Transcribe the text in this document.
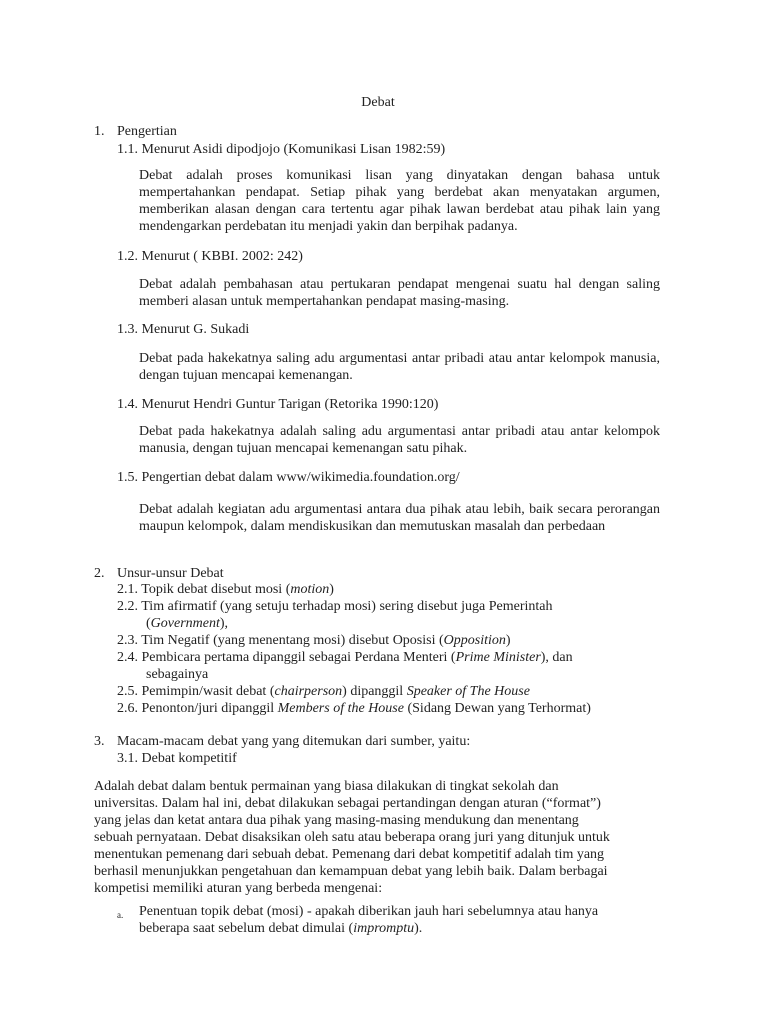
Debat
1. Pengertian
1.1. Menurut Asidi dipodjojo (Komunikasi Lisan 1982:59)
Debat adalah proses komunikasi lisan yang dinyatakan dengan bahasa untuk mempertahankan pendapat. Setiap pihak yang berdebat akan menyatakan argumen, memberikan alasan dengan cara tertentu agar pihak lawan berdebat atau pihak lain yang mendengarkan perdebatan itu menjadi yakin dan berpihak padanya.
1.2. Menurut ( KBBI. 2002: 242)
Debat adalah pembahasan atau pertukaran pendapat mengenai suatu hal dengan saling memberi alasan untuk mempertahankan pendapat masing-masing.
1.3. Menurut G. Sukadi
Debat pada hakekatnya saling adu argumentasi antar pribadi atau antar kelompok manusia, dengan tujuan mencapai kemenangan.
1.4. Menurut Hendri Guntur Tarigan (Retorika 1990:120)
Debat pada hakekatnya adalah saling adu argumentasi antar pribadi atau antar kelompok manusia, dengan tujuan mencapai kemenangan satu pihak.
1.5. Pengertian debat dalam www/wikimedia.foundation.org/
Debat adalah kegiatan adu argumentasi antara dua pihak atau lebih, baik secara perorangan maupun kelompok, dalam mendiskusikan dan memutuskan masalah dan perbedaan
2. Unsur-unsur Debat
2.1. Topik debat disebut mosi (motion)
2.2. Tim afirmatif (yang setuju terhadap mosi) sering disebut juga Pemerintah
(Government),
2.3. Tim Negatif (yang menentang mosi) disebut Oposisi (Opposition)
2.4. Pembicara pertama dipanggil sebagai Perdana Menteri (Prime Minister), dan
sebagainya
2.5. Pemimpin/wasit debat (chairperson) dipanggil Speaker of The House
2.6. Penonton/juri dipanggil Members of the House (Sidang Dewan yang Terhormat)
3. Macam-macam debat yang yang ditemukan dari sumber, yaitu:
3.1. Debat kompetitif
Adalah debat dalam bentuk permainan yang biasa dilakukan di tingkat sekolah dan
universitas. Dalam hal ini, debat dilakukan sebagai pertandingan dengan aturan (“format”)
yang jelas dan ketat antara dua pihak yang masing-masing mendukung dan menentang
sebuah pernyataan. Debat disaksikan oleh satu atau beberapa orang juri yang ditunjuk untuk
menentukan pemenang dari sebuah debat. Pemenang dari debat kompetitif adalah tim yang
berhasil menunjukkan pengetahuan dan kemampuan debat yang lebih baik. Dalam berbagai
kompetisi memiliki aturan yang berbeda mengenai:
a. Penentuan topik debat (mosi) - apakah diberikan jauh hari sebelumnya atau hanya
beberapa saat sebelum debat dimulai (impromptu).
